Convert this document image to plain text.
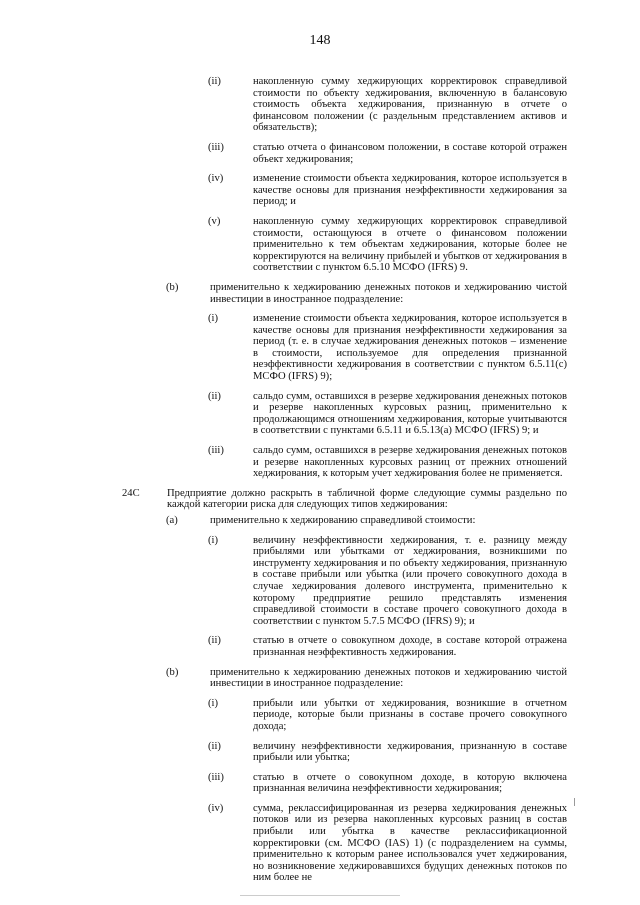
148
(ii)	накопленную сумму хеджирующих корректировок справедливой стоимости по объекту хеджирования, включенную в балансовую стоимость объекта хеджирования, признанную в отчете о финансовом положении (с раздельным представлением активов и обязательств);
(iii)	статью отчета о финансовом положении, в составе которой отражен объект хеджирования;
(iv)	изменение стоимости объекта хеджирования, которое используется в качестве основы для признания неэффективности хеджирования за период; и
(v)	накопленную сумму хеджирующих корректировок справедливой стоимости, остающуюся в отчете о финансовом положении применительно к тем объектам хеджирования, которые более не корректируются на величину прибылей и убытков от хеджирования в соответствии с пунктом 6.5.10 МСФО (IFRS) 9.
(b)	применительно к хеджированию денежных потоков и хеджированию чистой инвестиции в иностранное подразделение:
(i)	изменение стоимости объекта хеджирования, которое используется в качестве основы для признания неэффективности хеджирования за период (т. е. в случае хеджирования денежных потоков – изменение в стоимости, используемое для определения признанной неэффективности хеджирования в соответствии с пунктом 6.5.11(c) МСФО (IFRS) 9);
(ii)	сальдо сумм, оставшихся в резерве хеджирования денежных потоков и резерве накопленных курсовых разниц, применительно к продолжающимся отношениям хеджирования, которые учитываются в соответствии с пунктами 6.5.11 и 6.5.13(a) МСФО (IFRS) 9; и
(iii)	сальдо сумм, оставшихся в резерве хеджирования денежных потоков и резерве накопленных курсовых разниц от прежних отношений хеджирования, к которым учет хеджирования более не применяется.
24C	Предприятие должно раскрыть в табличной форме следующие суммы раздельно по каждой категории риска для следующих типов хеджирования:
(a)	применительно к хеджированию справедливой стоимости:
(i)	величину неэффективности хеджирования, т. е. разницу между прибылями или убытками от хеджирования, возникшими по инструменту хеджирования и по объекту хеджирования, признанную в составе прибыли или убытка (или прочего совокупного дохода в случае хеджирования долевого инструмента, применительно к которому предприятие решило представлять изменения справедливой стоимости в составе прочего совокупного дохода в соответствии с пунктом 5.7.5 МСФО (IFRS) 9); и
(ii)	статью в отчете о совокупном доходе, в составе которой отражена признанная неэффективность хеджирования.
(b)	применительно к хеджированию денежных потоков и хеджированию чистой инвестиции в иностранное подразделение:
(i)	прибыли или убытки от хеджирования, возникшие в отчетном периоде, которые были признаны в составе прочего совокупного дохода;
(ii)	величину неэффективности хеджирования, признанную в составе прибыли или убытка;
(iii)	статью в отчете о совокупном доходе, в которую включена признанная величина неэффективности хеджирования;
(iv)	сумма, реклассифицированная из резерва хеджирования денежных потоков или из резерва накопленных курсовых разниц в состав прибыли или убытка в качестве реклассификационной корректировки (см. МСФО (IAS) 1) (с подразделением на суммы, применительно к которым ранее использовался учет хеджирования, но возникновение хеджировавшихся будущих денежных потоков по ним более не
